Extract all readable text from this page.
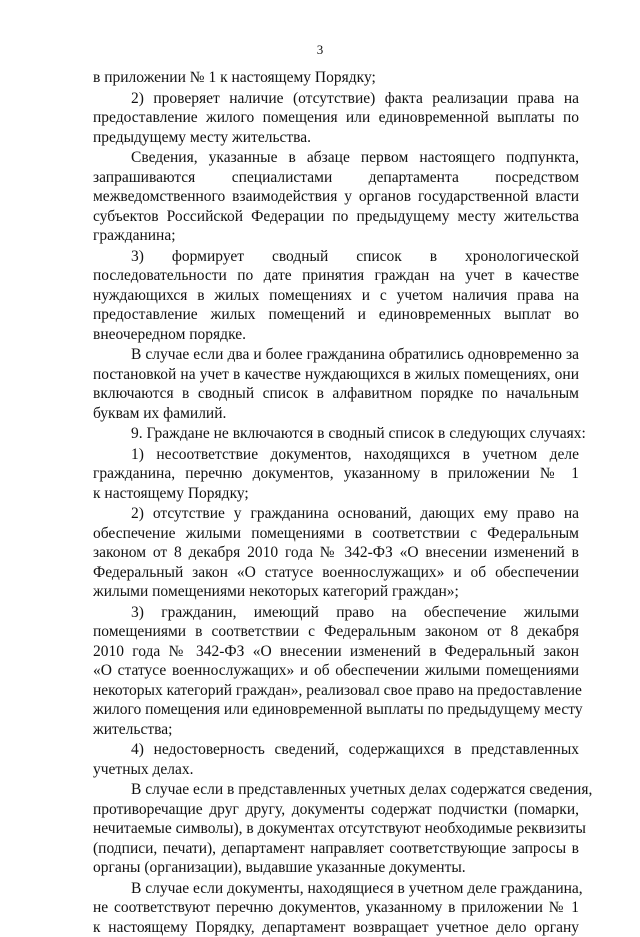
3

в приложении № 1 к настоящему Порядку;

2) проверяет наличие (отсутствие) факта реализации права на
предоставление жилого помещения или единовременной выплаты по
предыдущему месту жительства.

Сведения, указанные в абзаце первом настоящего подпункта,
запрашиваются специалистами департамента посредством
межведомственного взаимодействия у органов государственной власти
субъектов Российской Федерации по предыдущему месту жительства
гражданина;

3) формирует сводный список в хронологической
последовательности по дате принятия граждан на учет в качестве
нуждающихся в жилых помещениях и с учетом наличия права на
предоставление жилых помещений и единовременных выплат во
внеочередном порядке.

В случае если два и более гражданина обратились одновременно за
постановкой на учет в качестве нуждающихся в жилых помещениях, они
включаются в сводный список в алфавитном порядке по начальным
буквам их фамилий.

9. Граждане не включаются в сводный список в следующих случаях:

1) несоответствие документов, находящихся в учетном деле
гражданина, перечню документов, указанному в приложении № 1
к настоящему Порядку;

2) отсутствие у гражданина оснований, дающих ему право на
обеспечение жилыми помещениями в соответствии с Федеральным
законом от 8 декабря 2010 года № 342-ФЗ «О внесении изменений в
Федеральный закон «О статусе военнослужащих» и об обеспечении
жилыми помещениями некоторых категорий граждан»;

3) гражданин, имеющий право на обеспечение жилыми
помещениями в соответствии с Федеральным законом от 8 декабря
2010 года № 342-ФЗ «О внесении изменений в Федеральный закон
«О статусе военнослужащих» и об обеспечении жилыми помещениями
некоторых категорий граждан», реализовал свое право на предоставление
жилого помещения или единовременной выплаты по предыдущему месту
жительства;

4) недостоверность сведений, содержащихся в представленных
учетных делах.

В случае если в представленных учетных делах содержатся сведения,
противоречащие друг другу, документы содержат подчистки (помарки,
нечитаемые символы), в документах отсутствуют необходимые реквизиты
(подписи, печати), департамент направляет соответствующие запросы в
органы (организации), выдавшие указанные документы.

В случае если документы, находящиеся в учетном деле гражданина,
не соответствуют перечню документов, указанному в приложении № 1
к настоящему Порядку, департамент возвращает учетное дело органу
